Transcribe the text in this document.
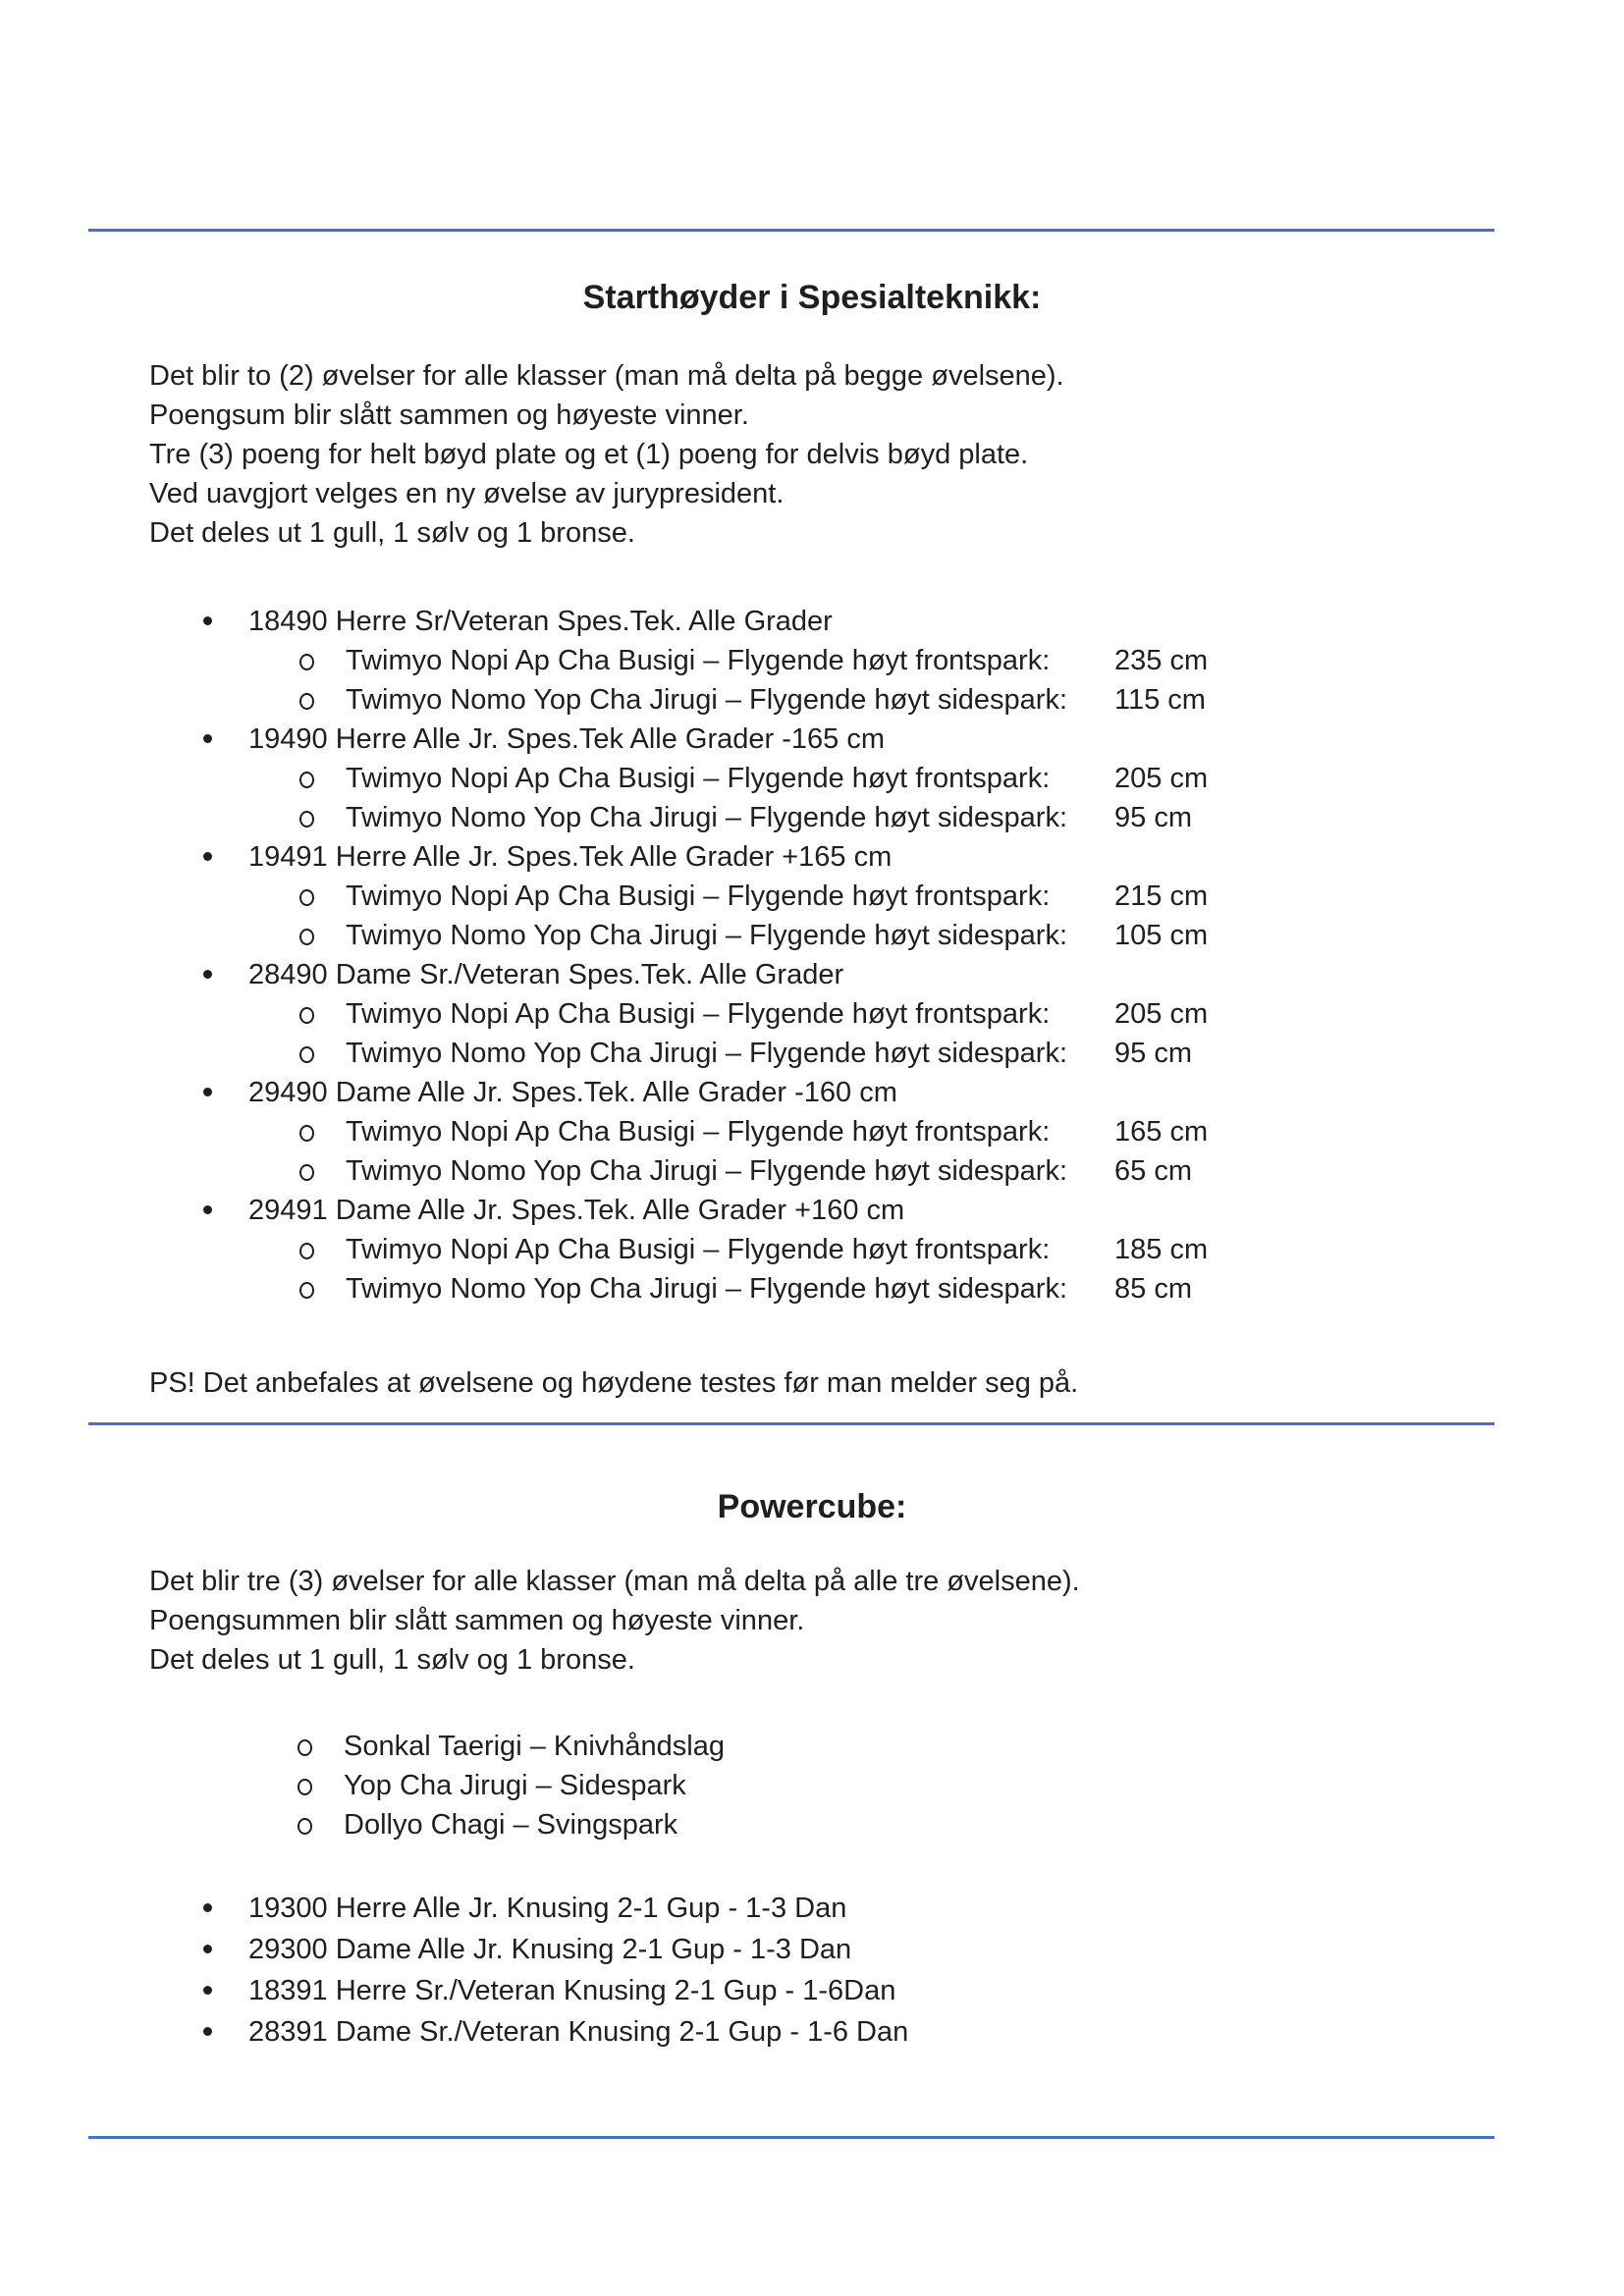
Starthøyder i Spesialteknikk:
Det blir to (2) øvelser for alle klasser (man må delta på begge øvelsene).
Poengsum blir slått sammen og høyeste vinner.
Tre (3) poeng for helt bøyd plate og et (1) poeng for delvis bøyd plate.
Ved uavgjort velges en ny øvelse av jurypresident.
Det deles ut 1 gull, 1 sølv og 1 bronse.
18490 Herre Sr/Veteran Spes.Tek. Alle Grader
Twimyo Nopi Ap Cha Busigi – Flygende høyt frontspark: 235 cm
Twimyo Nomo Yop Cha Jirugi – Flygende høyt sidespark: 115 cm
19490 Herre Alle Jr. Spes.Tek Alle Grader -165 cm
Twimyo Nopi Ap Cha Busigi – Flygende høyt frontspark: 205 cm
Twimyo Nomo Yop Cha Jirugi – Flygende høyt sidespark: 95 cm
19491 Herre Alle Jr. Spes.Tek Alle Grader +165 cm
Twimyo Nopi Ap Cha Busigi – Flygende høyt frontspark: 215 cm
Twimyo Nomo Yop Cha Jirugi – Flygende høyt sidespark: 105 cm
28490 Dame Sr./Veteran Spes.Tek. Alle Grader
Twimyo Nopi Ap Cha Busigi – Flygende høyt frontspark: 205 cm
Twimyo Nomo Yop Cha Jirugi – Flygende høyt sidespark: 95 cm
29490 Dame Alle Jr. Spes.Tek. Alle Grader -160 cm
Twimyo Nopi Ap Cha Busigi – Flygende høyt frontspark: 165 cm
Twimyo Nomo Yop Cha Jirugi – Flygende høyt sidespark: 65 cm
29491 Dame Alle Jr. Spes.Tek. Alle Grader +160 cm
Twimyo Nopi Ap Cha Busigi – Flygende høyt frontspark: 185 cm
Twimyo Nomo Yop Cha Jirugi – Flygende høyt sidespark: 85 cm
PS! Det anbefales at øvelsene og høydene testes før man melder seg på.
Powercube:
Det blir tre (3) øvelser for alle klasser (man må delta på alle tre øvelsene).
Poengsummen blir slått sammen og høyeste vinner.
Det deles ut 1 gull, 1 sølv og 1 bronse.
Sonkal Taerigi – Knivhåndslag
Yop Cha Jirugi – Sidespark
Dollyo Chagi – Svingspark
19300 Herre Alle Jr. Knusing 2-1 Gup - 1-3 Dan
29300 Dame Alle Jr. Knusing 2-1 Gup - 1-3 Dan
18391 Herre Sr./Veteran Knusing 2-1 Gup - 1-6Dan
28391 Dame Sr./Veteran Knusing 2-1 Gup - 1-6 Dan
